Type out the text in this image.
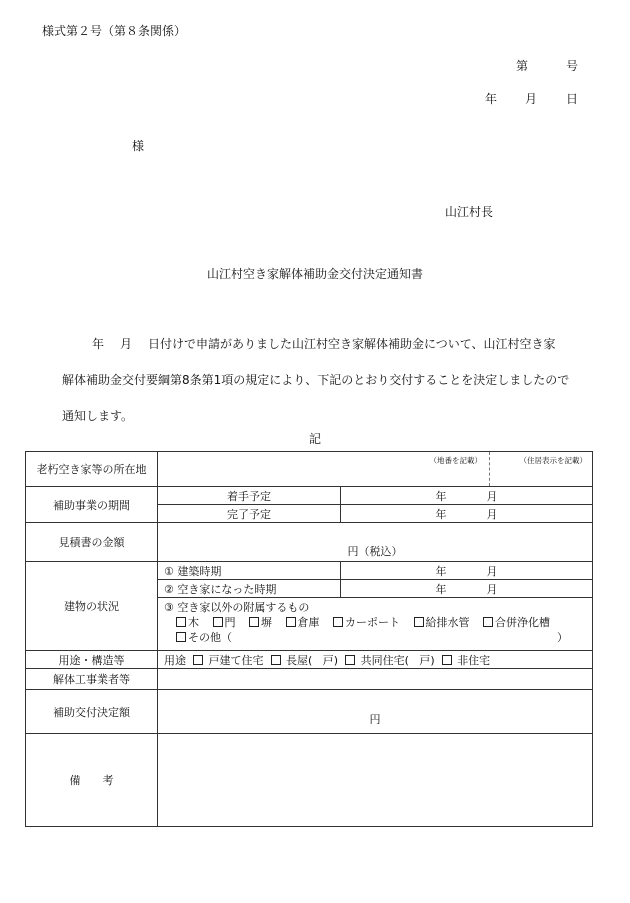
様式第２号（第８条関係）
第	号
年 月 日
様
山江村長
山江村空き家解体補助金交付決定通知書
年 月 日付けで申請がありました山江村空き家解体補助金について、山江村空き家
解体補助金交付要綱第8条第1項の規定により、下記のとおり交付することを決定しましたので
通知します。
記
老朽空き家等の所在地	（地番を記載） （住居表示を記載）	

補助事業の期間	着手予定	年 月

	完了予定	年 月

見積書の金額	円（税込）	

建物の状況	① 建築時期	年 月

	② 空き家になった時期	年 月

	③ 空き家以外の附属するもの
木 門 塀 倉庫 カーポート 給排水管 合併浄化槽
その他（ ）	

用途・構造等	用途 戸建て住宅 長屋( 戸) 共同住宅( 戸) 非住宅	
解体工事業者等		
補助交付決定額	円	

備　　考		
